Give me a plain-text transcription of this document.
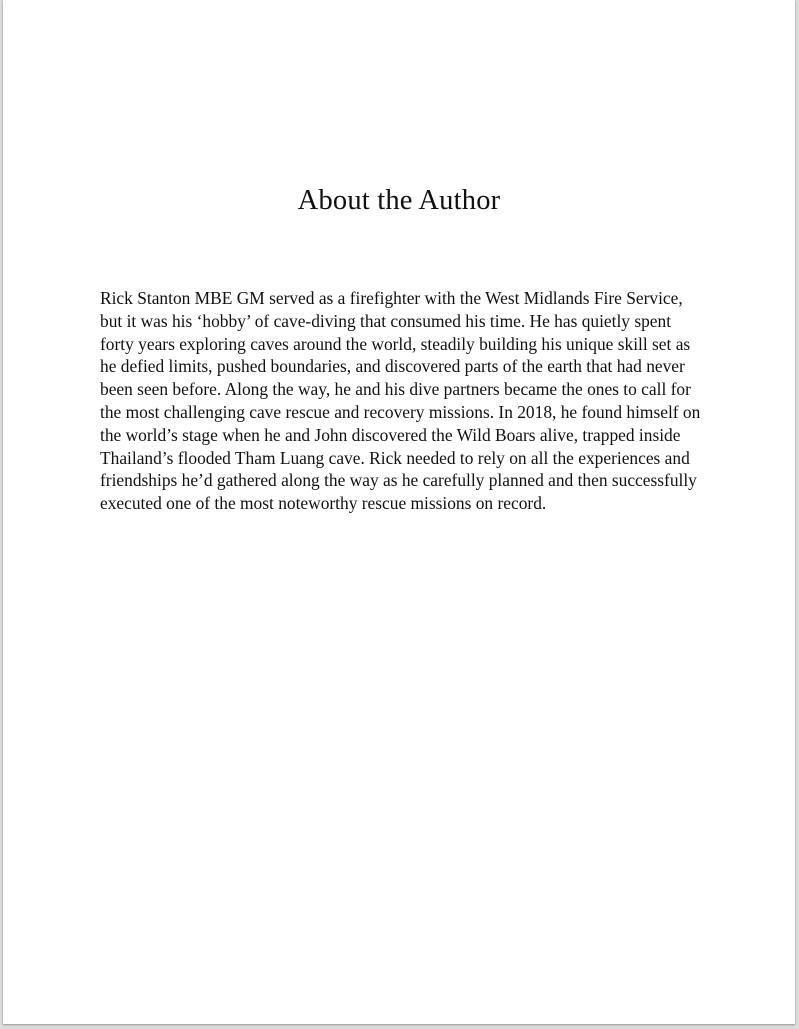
About the Author

Rick Stanton MBE GM served as a firefighter with the West Midlands Fire Service, but it was his ‘hobby’ of cave-diving that consumed his time. He has quietly spent forty years exploring caves around the world, steadily building his unique skill set as he defied limits, pushed boundaries, and discovered parts of the earth that had never been seen before. Along the way, he and his dive partners became the ones to call for the most challenging cave rescue and recovery missions. In 2018, he found himself on the world’s stage when he and John discovered the Wild Boars alive, trapped inside Thailand’s flooded Tham Luang cave. Rick needed to rely on all the experiences and friendships he’d gathered along the way as he carefully planned and then successfully executed one of the most noteworthy rescue missions on record.
